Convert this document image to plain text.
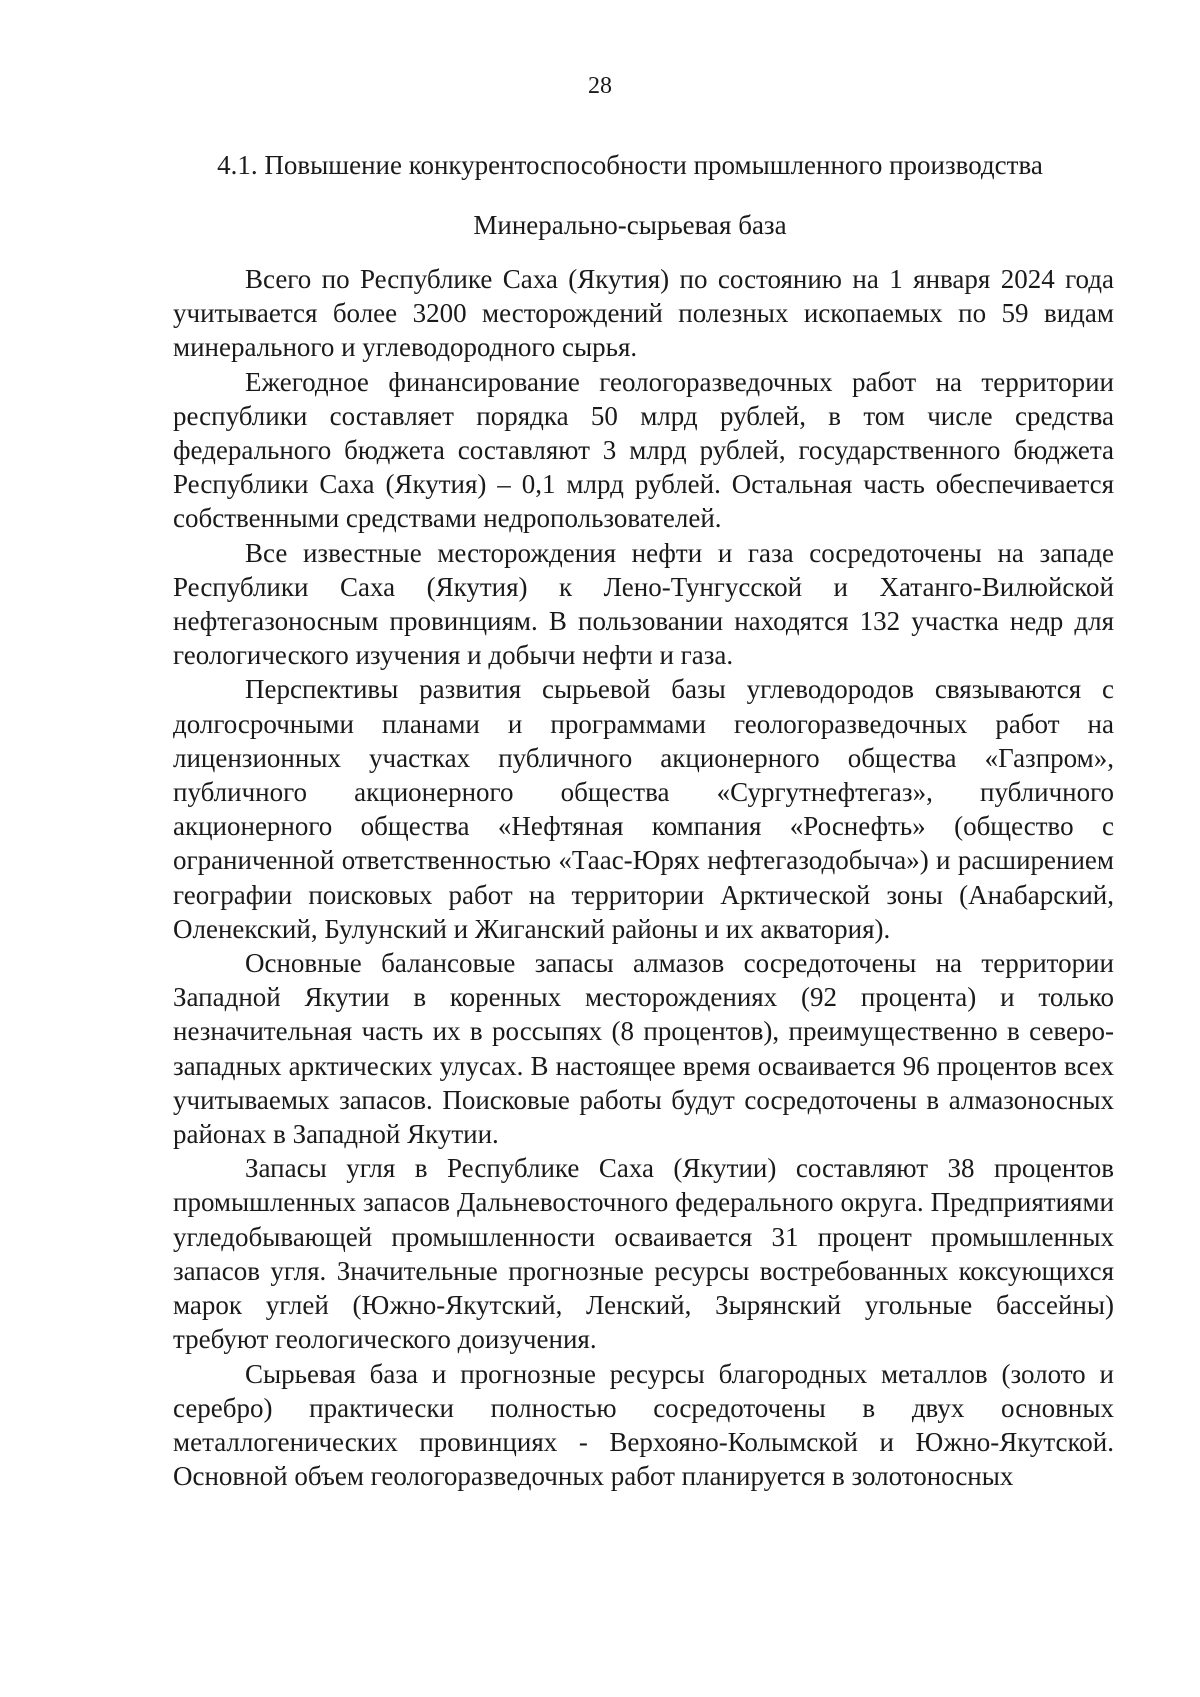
28
4.1. Повышение конкурентоспособности промышленного производства
Минерально-сырьевая база

Всего по Республике Саха (Якутия) по состоянию на 1 января 2024 года учитывается более 3200 месторождений полезных ископаемых по 59 видам минерального и углеводородного сырья.

Ежегодное финансирование геологоразведочных работ на территории республики составляет порядка 50 млрд рублей, в том числе средства федерального бюджета составляют 3 млрд рублей, государственного бюджета Республики Саха (Якутия) – 0,1 млрд рублей. Остальная часть обеспечивается собственными средствами недропользователей.

Все известные месторождения нефти и газа сосредоточены на западе Республики Саха (Якутия) к Лено-Тунгусской и Хатанго-Вилюйской нефтегазоносным провинциям. В пользовании находятся 132 участка недр для геологического изучения и добычи нефти и газа.

Перспективы развития сырьевой базы углеводородов связываются с долгосрочными планами и программами геологоразведочных работ на лицензионных участках публичного акционерного общества «Газпром», публичного акционерного общества «Сургутнефтегаз», публичного акционерного общества «Нефтяная компания «Роснефть» (общество с ограниченной ответственностью «Таас-Юрях нефтегазодобыча») и расширением географии поисковых работ на территории Арктической зоны (Анабарский, Оленекский, Булунский и Жиганский районы и их акватория).

Основные балансовые запасы алмазов сосредоточены на территории Западной Якутии в коренных месторождениях (92 процента) и только незначительная часть их в россыпях (8 процентов), преимущественно в северо-западных арктических улусах. В настоящее время осваивается 96 процентов всех учитываемых запасов. Поисковые работы будут сосредоточены в алмазоносных районах в Западной Якутии.

Запасы угля в Республике Саха (Якутии) составляют 38 процентов промышленных запасов Дальневосточного федерального округа. Предприятиями угледобывающей промышленности осваивается 31 процент промышленных запасов угля. Значительные прогнозные ресурсы востребованных коксующихся марок углей (Южно-Якутский, Ленский, Зырянский угольные бассейны) требуют геологического доизучения.

Сырьевая база и прогнозные ресурсы благородных металлов (золото и серебро) практически полностью сосредоточены в двух основных металлогенических провинциях - Верхояно-Колымской и Южно-Якутской. Основной объем геологоразведочных работ планируется в золотоносных
